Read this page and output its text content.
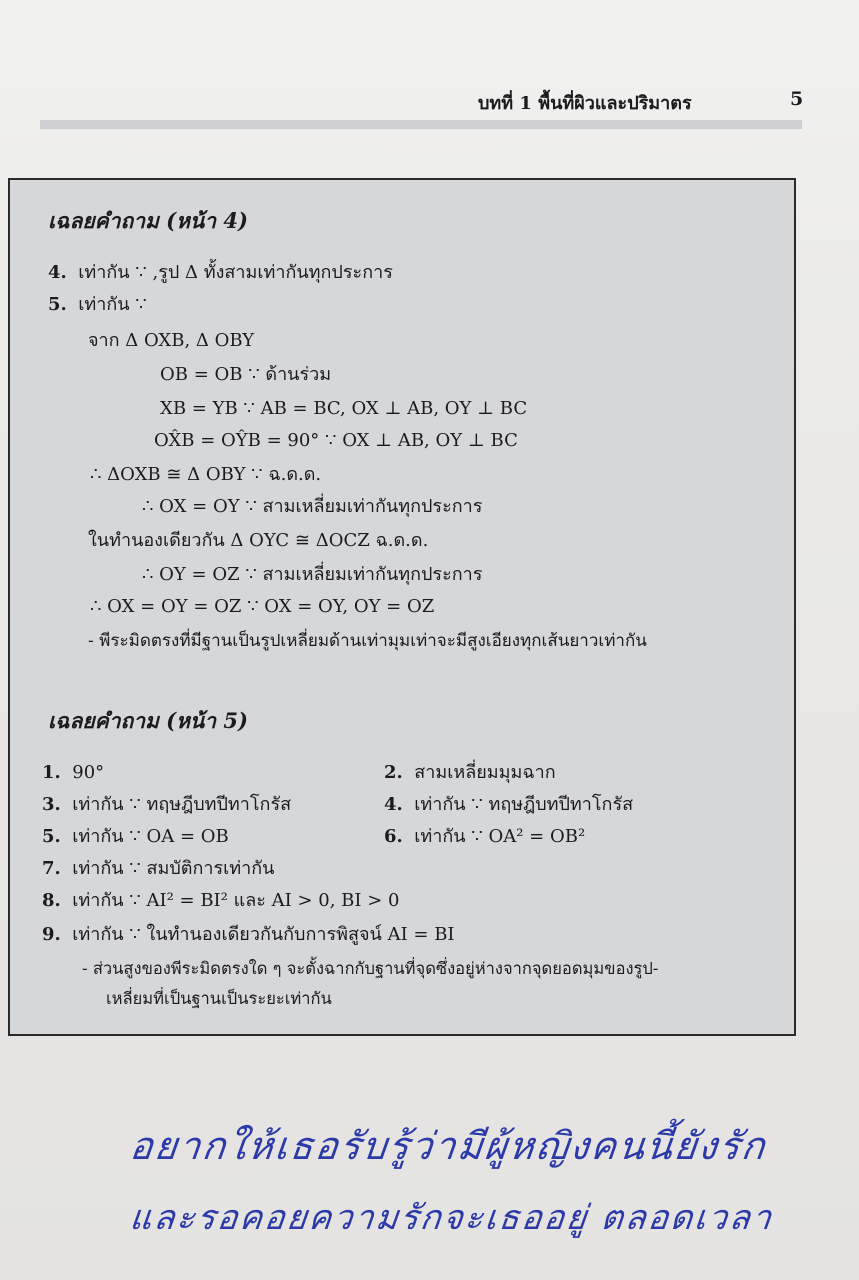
บทที่ 1 พื้นที่ผิวและปริมาตร	5
เฉลยคำถาม (หน้า 4)
4. เท่ากัน ∵ ,รูป Δ ทั้งสามเท่ากันทุกประการ
5. เท่ากัน ∵
จาก Δ OXB, Δ OBY
OB = OB ∵ ด้านร่วม
XB = YB ∵ AB = BC, OX ⊥ AB, OY ⊥ BC
OX̂B = OŶB = 90° ∵ OX ⊥ AB, OY ⊥ BC
∴ ΔOXB ≅ Δ OBY ∵ ฉ.ด.ด.
∴ OX = OY ∵ สามเหลี่ยมเท่ากันทุกประการ
ในทำนองเดียวกัน Δ OYC ≅ ΔOCZ ฉ.ด.ด.
∴ OY = OZ ∵ สามเหลี่ยมเท่ากันทุกประการ
∴ OX = OY = OZ ∵ OX = OY, OY = OZ
- พีระมิดตรงที่มีฐานเป็นรูปเหลี่ยมด้านเท่ามุมเท่าจะมีสูงเอียงทุกเส้นยาวเท่ากัน
เฉลยคำถาม (หน้า 5)
1. 90°	2. สามเหลี่ยมมุมฉาก
3. เท่ากัน ∵ ทฤษฎีบทปีทาโกรัส	4. เท่ากัน ∵ ทฤษฎีบทปีทาโกรัส
5. เท่ากัน ∵ OA = OB	6. เท่ากัน ∵ OA² = OB²
7. เท่ากัน ∵ สมบัติการเท่ากัน
8. เท่ากัน ∵ AI² = BI² และ AI > 0, BI > 0
9. เท่ากัน ∵ ในทำนองเดียวกันกับการพิสูจน์ AI = BI
- ส่วนสูงของพีระมิดตรงใด ๆ จะตั้งฉากกับฐานที่จุดซึ่งอยู่ห่างจากจุดยอดมุมของรูป-
เหลี่ยมที่เป็นฐานเป็นระยะเท่ากัน
อยากให้เธอรับรู้ว่ามีผู้หญิงคนนี้ยังรัก
และรอคอยความรักจะเธออยู่ ตลอดเวลา
